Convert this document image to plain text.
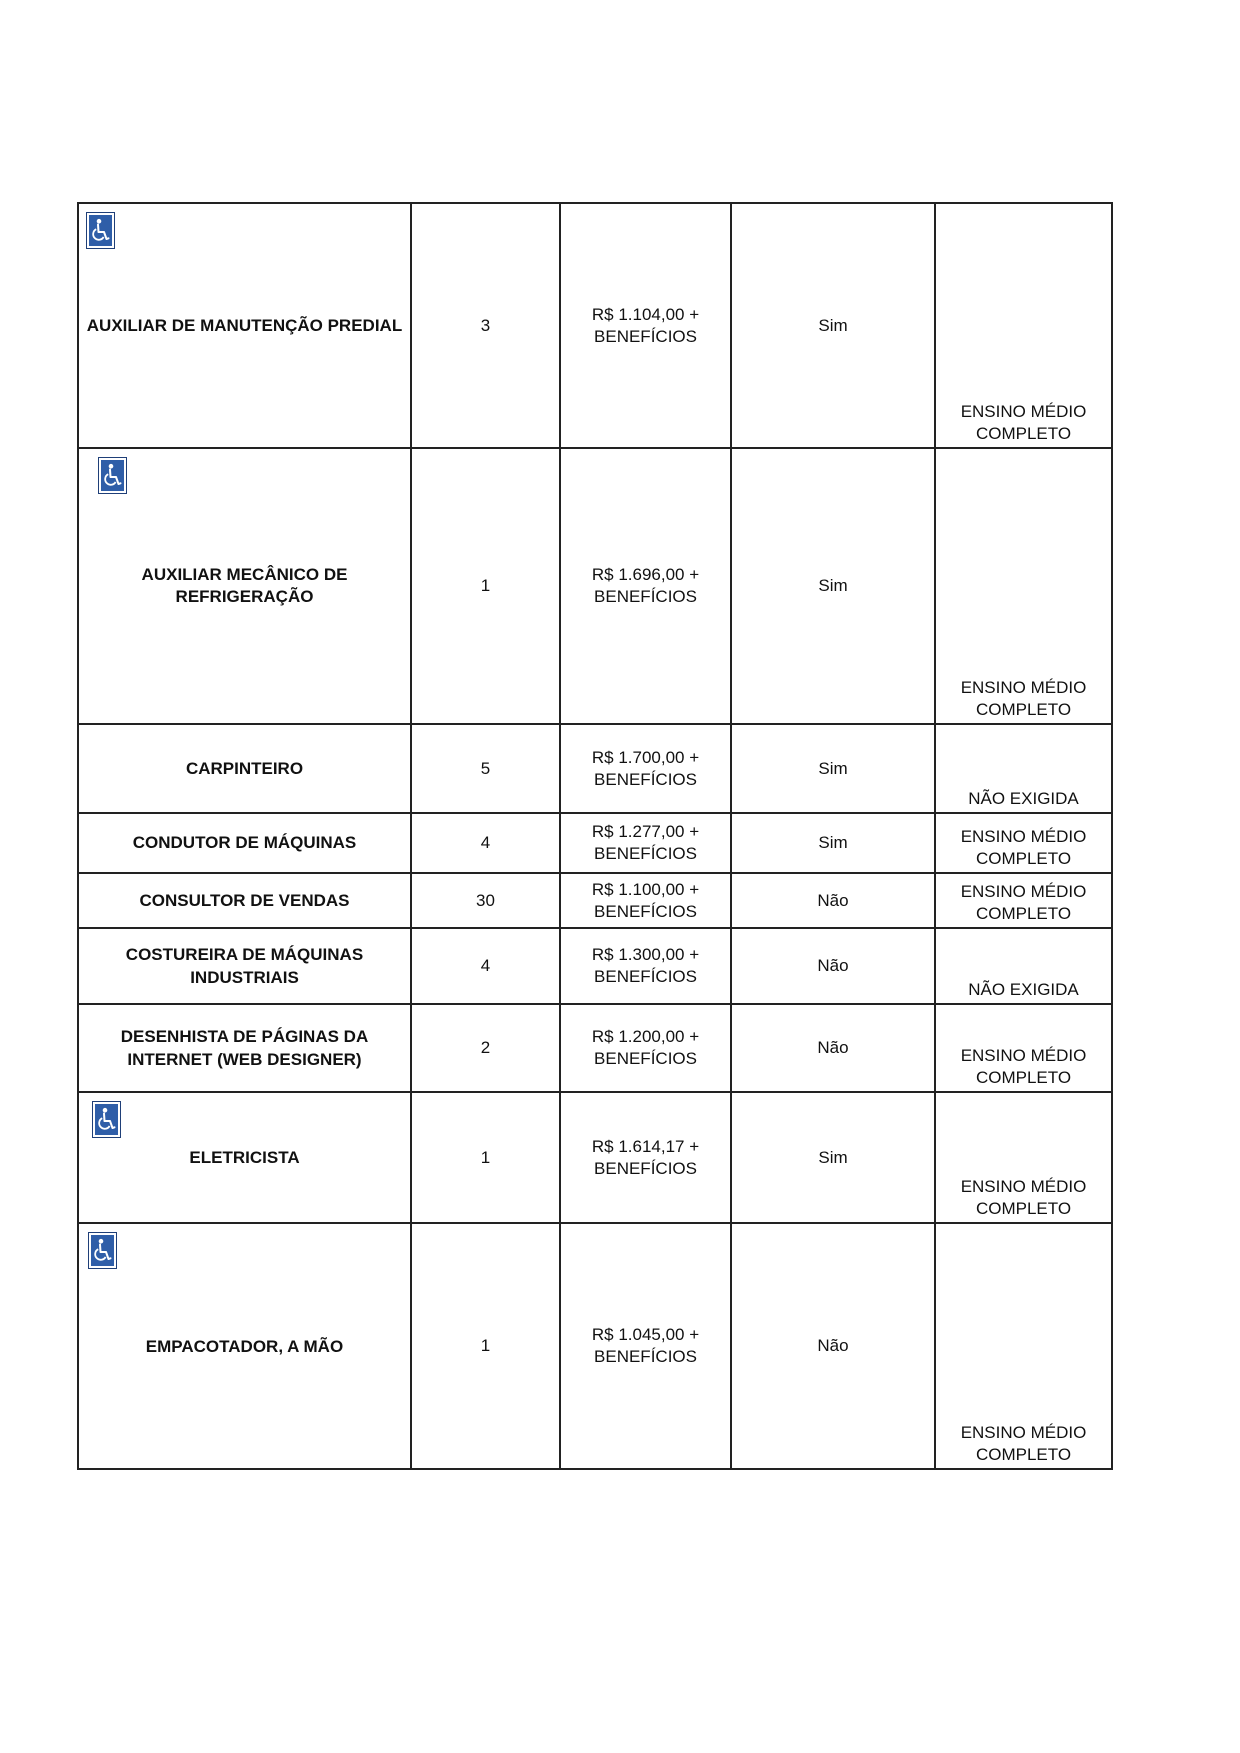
AUXILIAR DE MANUTENÇÃO PREDIAL	3	R$ 1.104,00 + BENEFÍCIOS	Sim	ENSINO MÉDIO COMPLETO

AUXILIAR MECÂNICO DE REFRIGERAÇÃO	1	R$ 1.696,00 + BENEFÍCIOS	Sim	ENSINO MÉDIO COMPLETO

CARPINTEIRO	5	R$ 1.700,00 + BENEFÍCIOS	Sim	NÃO EXIGIDA

CONDUTOR DE MÁQUINAS	4	R$ 1.277,00 + BENEFÍCIOS	Sim	ENSINO MÉDIO COMPLETO

CONSULTOR DE VENDAS	30	R$ 1.100,00 + BENEFÍCIOS	Não	ENSINO MÉDIO COMPLETO

COSTUREIRA DE MÁQUINAS INDUSTRIAIS	4	R$ 1.300,00 + BENEFÍCIOS	Não	NÃO EXIGIDA

DESENHISTA DE PÁGINAS DA INTERNET (WEB DESIGNER)	2	R$ 1.200,00 + BENEFÍCIOS	Não	ENSINO MÉDIO COMPLETO

ELETRICISTA	1	R$ 1.614,17 + BENEFÍCIOS	Sim	ENSINO MÉDIO COMPLETO

EMPACOTADOR, A MÃO	1	R$ 1.045,00 + BENEFÍCIOS	Não	ENSINO MÉDIO COMPLETO
